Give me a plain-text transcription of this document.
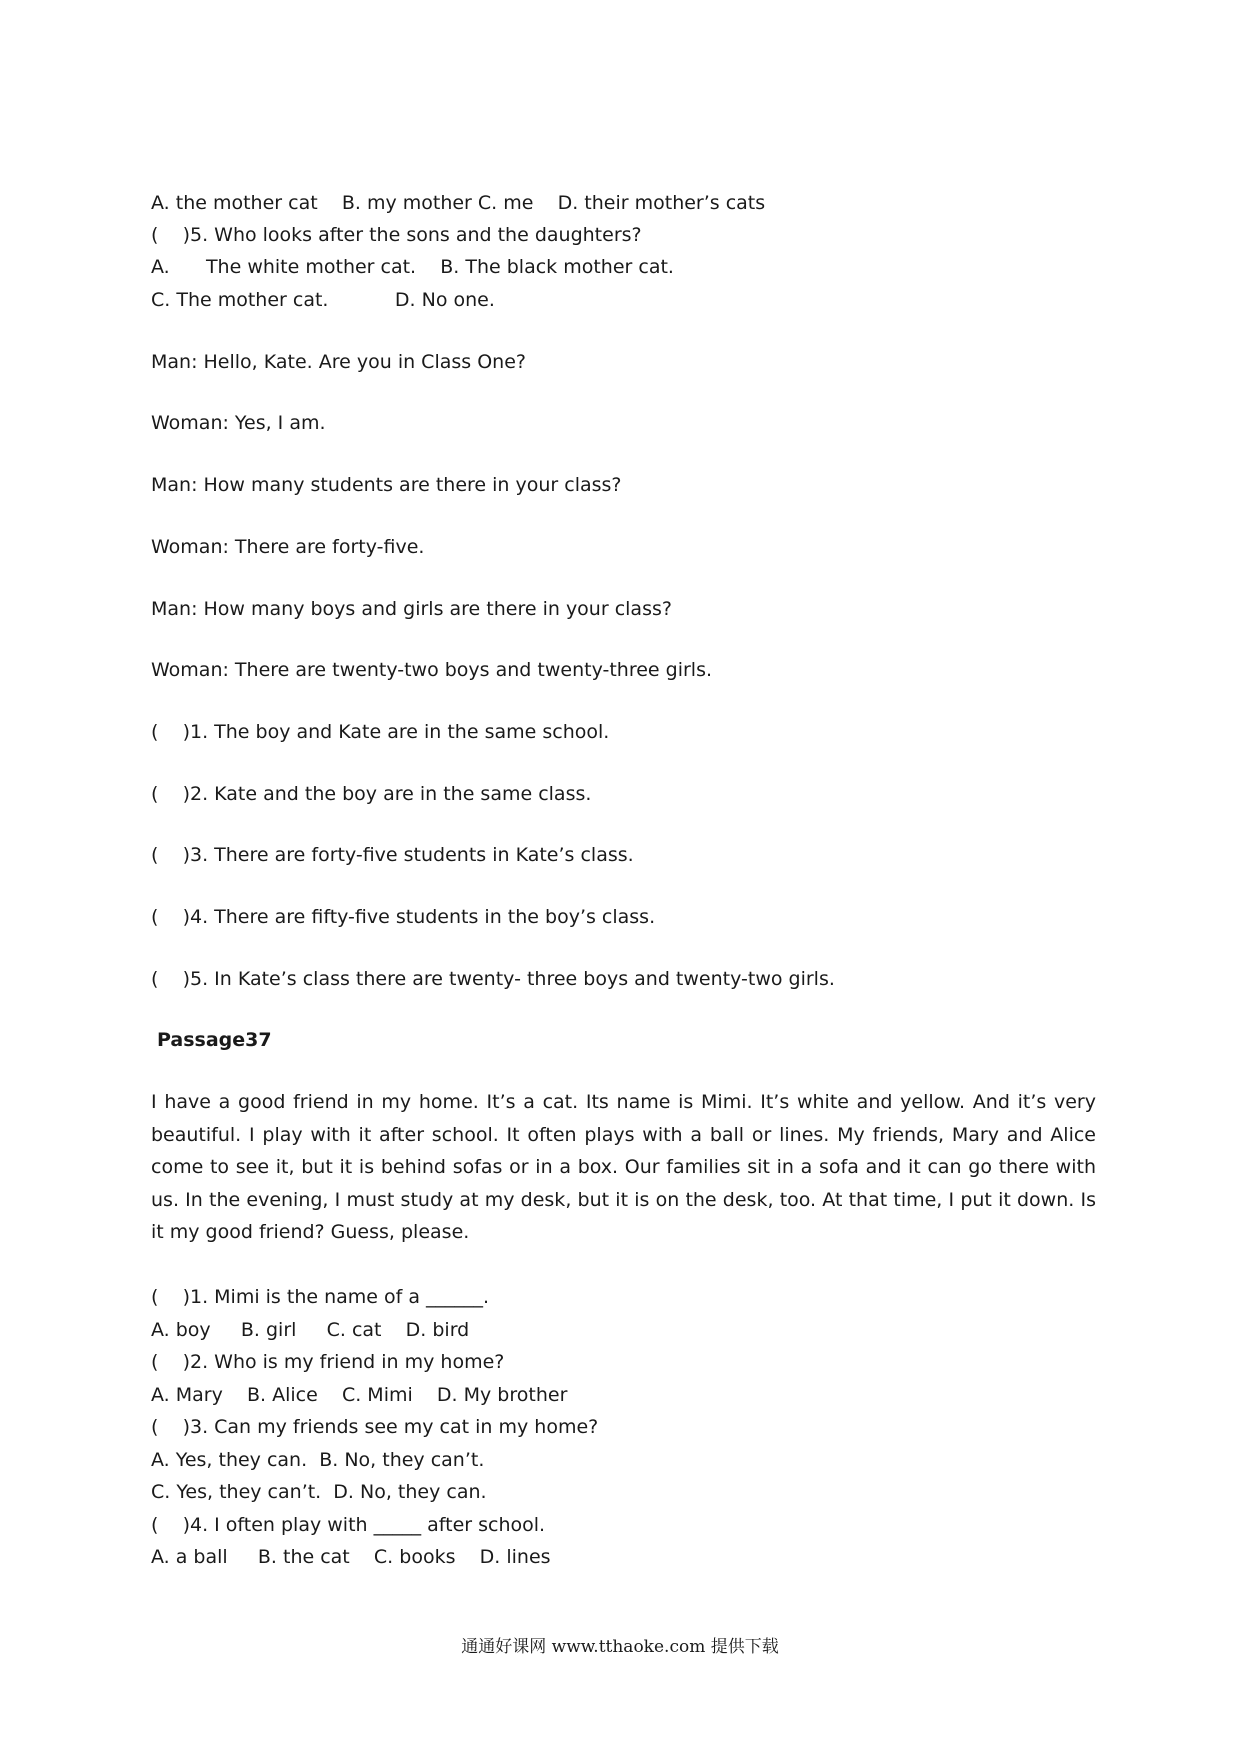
A. the mother cat    B. my mother C. me    D. their mother’s cats
(    )5. Who looks after the sons and the daughters?
A.      The white mother cat.    B. The black mother cat.
C. The mother cat.           D. No one.
Man: Hello, Kate. Are you in Class One?
Woman: Yes, I am.
Man: How many students are there in your class?
Woman: There are forty-five.
Man: How many boys and girls are there in your class?
Woman: There are twenty-two boys and twenty-three girls.
(    )1. The boy and Kate are in the same school.
(    )2. Kate and the boy are in the same class.
(    )3. There are forty-five students in Kate’s class.
(    )4. There are fifty-five students in the boy’s class.
(    )5. In Kate’s class there are twenty- three boys and twenty-two girls.
Passage37
I have a good friend in my home. It’s a cat. Its name is Mimi. It’s white and yellow. And it’s very beautiful. I play with it after school. It often plays with a ball or lines. My friends, Mary and Alice come to see it, but it is behind sofas or in a box. Our families sit in a sofa and it can go there with us. In the evening, I must study at my desk, but it is on the desk, too. At that time, I put it down. Is it my good friend? Guess, please.
(    )1. Mimi is the name of a ______.
A. boy     B. girl     C. cat    D. bird
(    )2. Who is my friend in my home?
A. Mary    B. Alice    C. Mimi    D. My brother
(    )3. Can my friends see my cat in my home?
A. Yes, they can.  B. No, they can’t.
C. Yes, they can’t.  D. No, they can.
(    )4. I often play with _____ after school.
A. a ball     B. the cat    C. books    D. lines
通通好课网 www.tthaoke.com 提供下载
